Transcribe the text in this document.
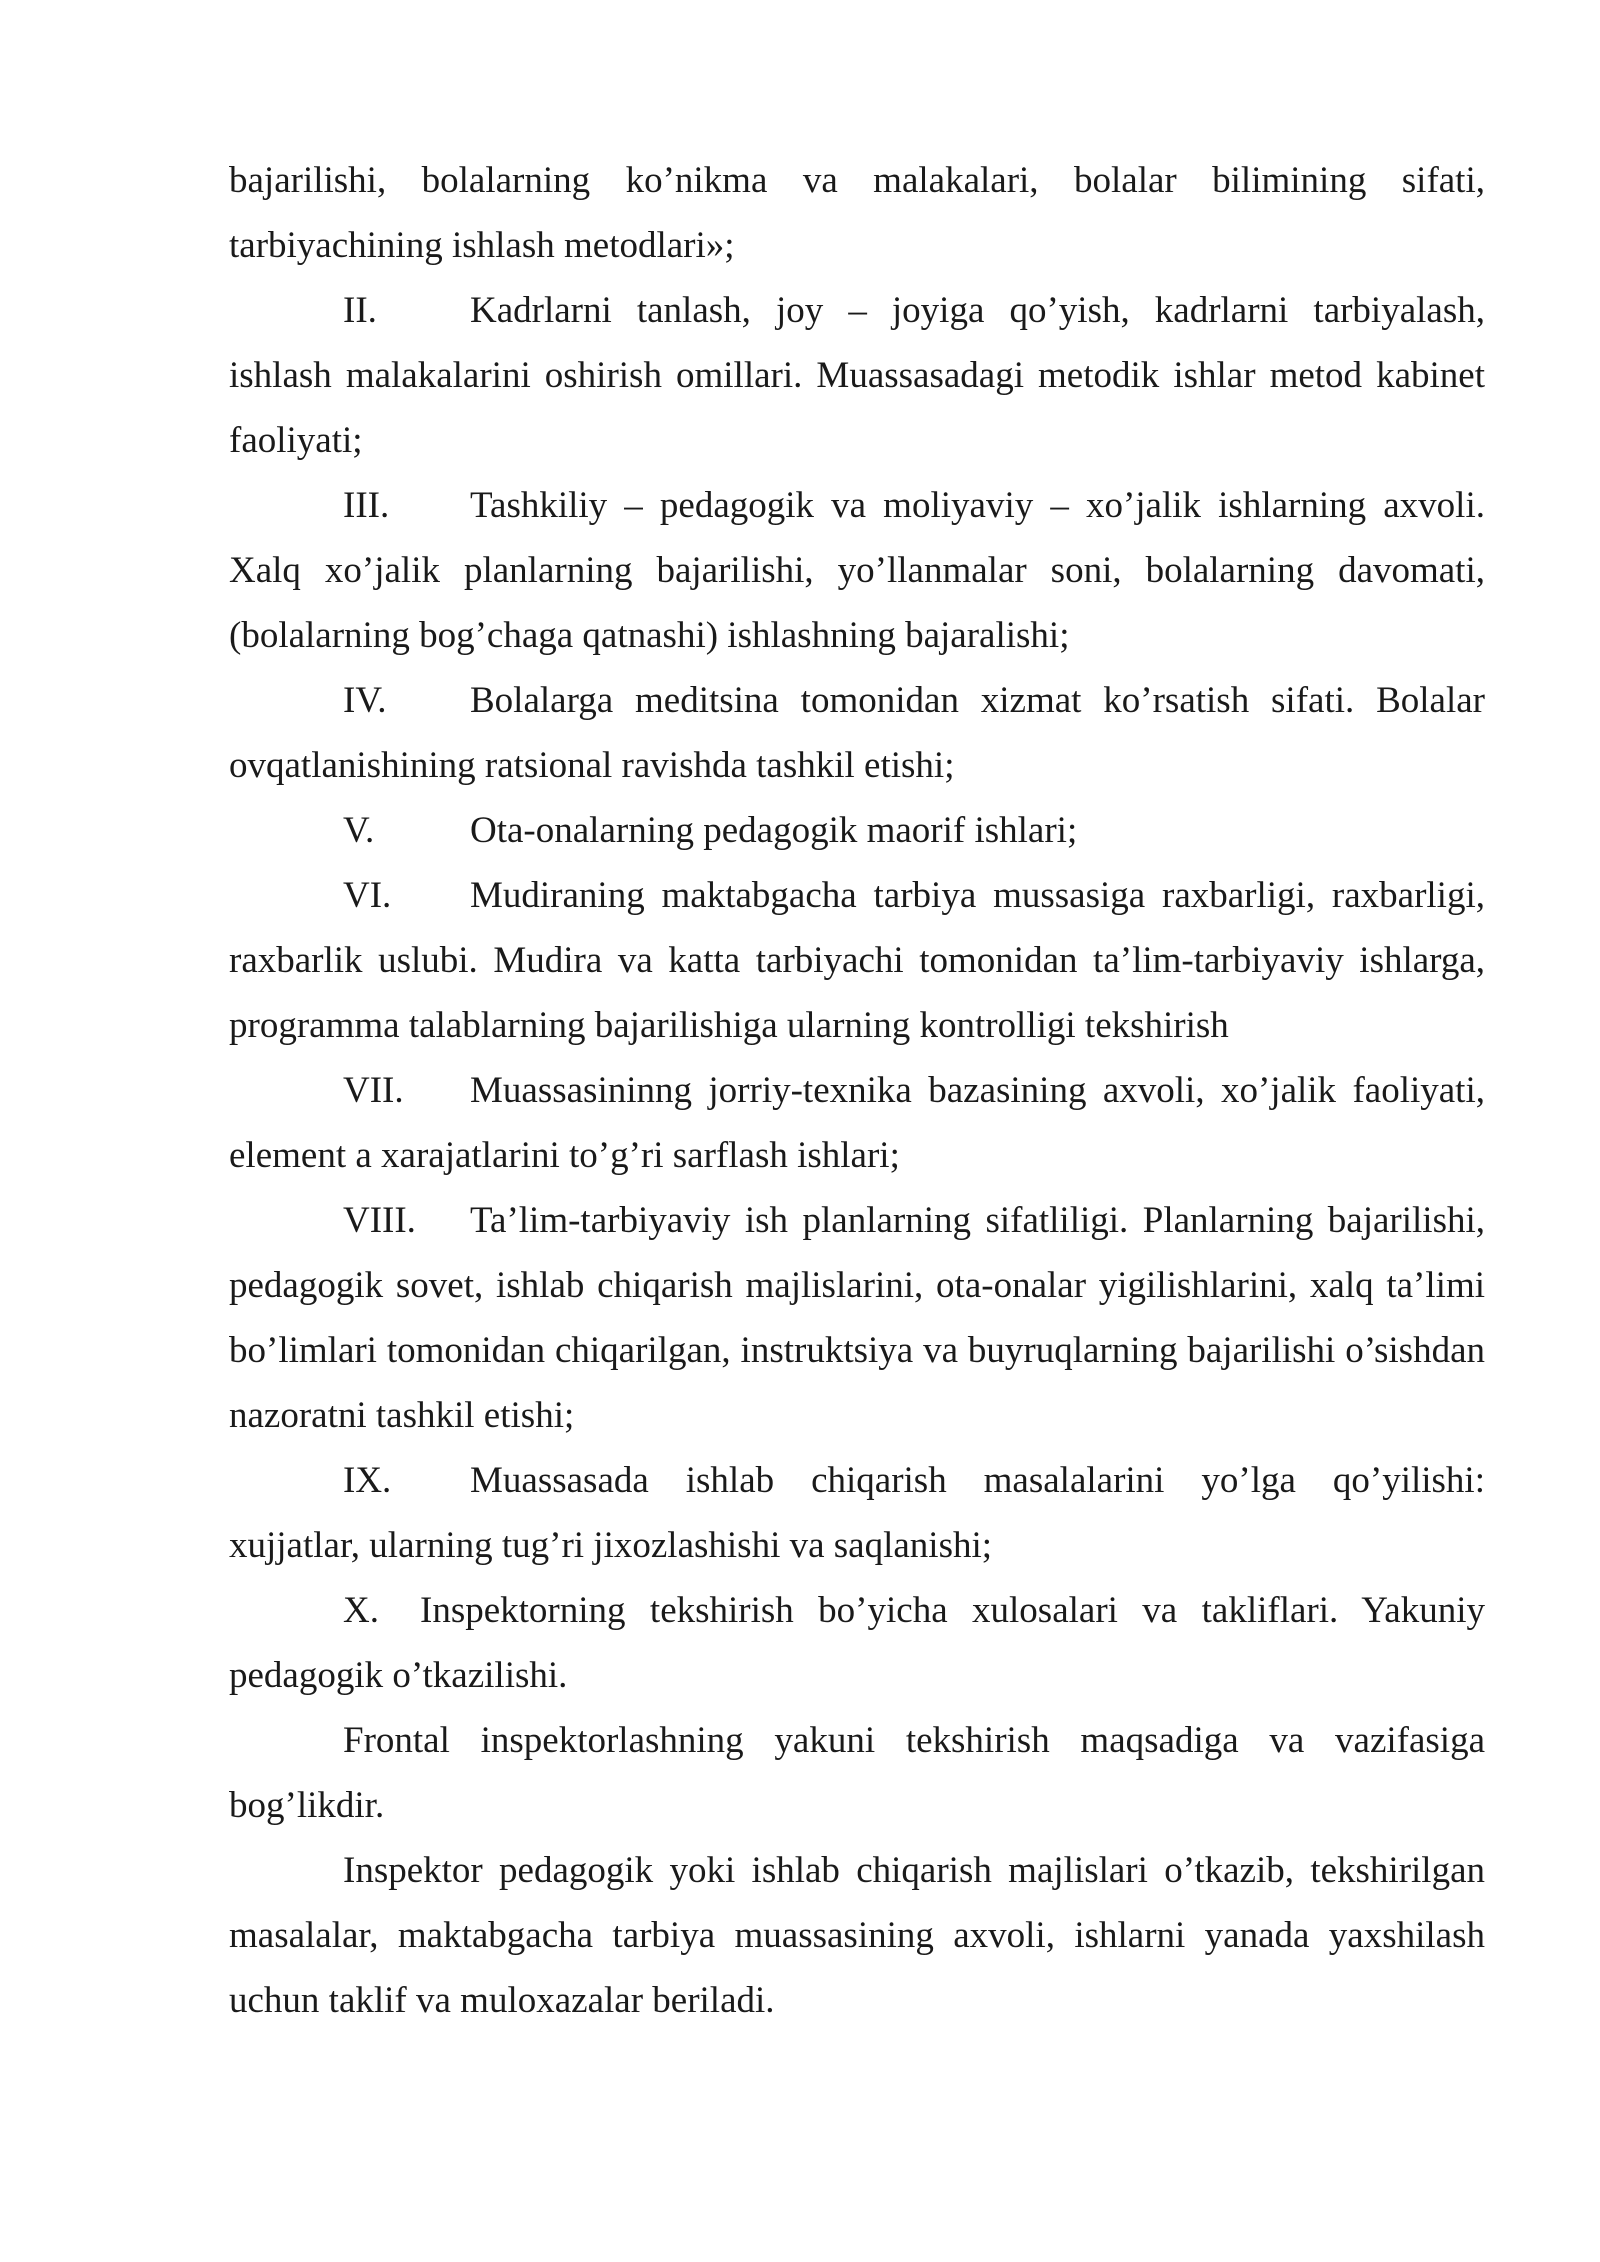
bajarilishi, bolalarning ko’nikma va malakalari, bolalar bilimining sifati, tarbiyachining ishlash metodlari»;

II.	Kadrlarni tanlash, joy – joyiga qo’yish, kadrlarni tarbiyalash, ishlash malakalarini oshirish omillari. Muassasadagi metodik ishlar metod kabinet faoliyati;

III. Tashkiliy – pedagogik va moliyaviy – xo’jalik ishlarning axvoli. Xalq xo’jalik planlarning bajarilishi, yo’llanmalar soni, bolalarning davomati, (bolalarning bog’chaga qatnashi) ishlashning bajaralishi;

IV. Bolalarga meditsina tomonidan xizmat ko’rsatish sifati. Bolalar ovqatlanishining ratsional ravishda tashkil etishi;

V.	Ota-onalarning pedagogik maorif ishlari;

VI. Mudiraning maktabgacha tarbiya mussasiga raxbarligi, raxbarligi, raxbarlik uslubi. Mudira va katta tarbiyachi tomonidan ta’lim-tarbiyaviy ishlarga, programma talablarning bajarilishiga ularning kontrolligi tekshirish

VII. Muassasininng jorriy-texnika bazasining axvoli, xo’jalik faoliyati, element a xarajatlarini to’g’ri sarflash ishlari;

VIII. Ta’lim-tarbiyaviy ish planlarning sifatliligi. Planlarning bajarilishi, pedagogik sovet, ishlab chiqarish majlislarini, ota-onalar yigilishlarini, xalq ta’limi bo’limlari tomonidan chiqarilgan, instruktsiya va buyruqlarning bajarilishi o’sishdan nazoratni tashkil etishi;

IX. Muassasada ishlab chiqarish masalalarini yo’lga qo’yilishi: xujjatlar, ularning tug’ri jixozlashishi va saqlanishi;

X. Inspektorning tekshirish bo’yicha xulosalari va takliflari. Yakuniy pedagogik o’tkazilishi.

Frontal inspektorlashning yakuni tekshirish maqsadiga va vazifasiga bog’likdir.

Inspektor pedagogik yoki ishlab chiqarish majlislari o’tkazib, tekshirilgan masalalar, maktabgacha tarbiya muassasining axvoli, ishlarni yanada yaxshilash uchun taklif va muloxazalar beriladi.
